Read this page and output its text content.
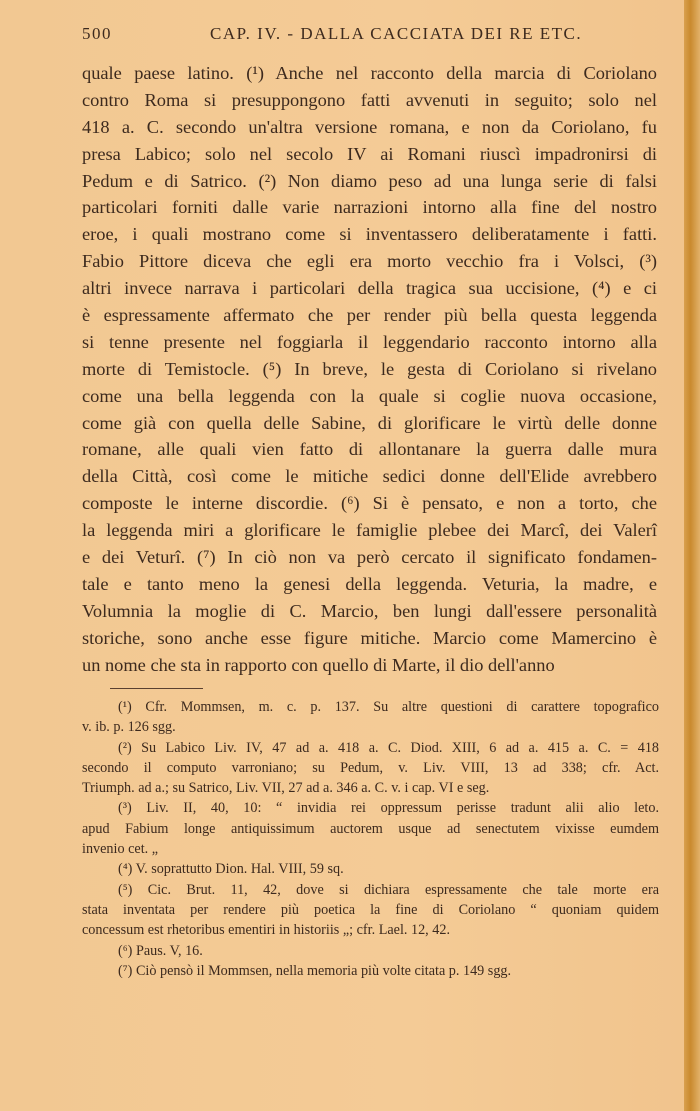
500	CAP. IV. - DALLA CACCIATA DEI RE ETC.
quale paese latino. (¹) Anche nel racconto della marcia di Coriolano
contro Roma si presuppongono fatti avvenuti in seguito; solo nel
418 a. C. secondo un'altra versione romana, e non da Coriolano, fu
presa Labico; solo nel secolo IV ai Romani riuscì impadronirsi di
Pedum e di Satrico. (²) Non diamo peso ad una lunga serie di falsi
particolari forniti dalle varie narrazioni intorno alla fine del nostro
eroe, i quali mostrano come si inventassero deliberatamente i fatti.
Fabio Pittore diceva che egli era morto vecchio fra i Volsci, (³)
altri invece narrava i particolari della tragica sua uccisione, (⁴) e ci
è espressamente affermato che per render più bella questa leggenda
si tenne presente nel foggiarla il leggendario racconto intorno alla
morte di Temistocle. (⁵) In breve, le gesta di Coriolano si rivelano
come una bella leggenda con la quale si coglie nuova occasione,
come già con quella delle Sabine, di glorificare le virtù delle donne
romane, alle quali vien fatto di allontanare la guerra dalle mura
della Città, così come le mitiche sedici donne dell'Elide avrebbero
composte le interne discordie. (⁶) Si è pensato, e non a torto, che
la leggenda miri a glorificare le famiglie plebee dei Marcî, dei Valerî
e dei Veturî. (⁷) In ciò non va però cercato il significato fondamen-
tale e tanto meno la genesi della leggenda. Veturia, la madre, e
Volumnia la moglie di C. Marcio, ben lungi dall'essere personalità
storiche, sono anche esse figure mitiche. Marcio come Mamercino è
un nome che sta in rapporto con quello di Marte, il dio dell'anno
(¹) Cfr. Mommsen, m. c. p. 137. Su altre questioni di carattere topografico
v. ib. p. 126 sgg.
(²) Su Labico Liv. IV, 47 ad a. 418 a. C. Diod. XIII, 6 ad a. 415 a. C. = 418
secondo il computo varroniano; su Pedum, v. Liv. VIII, 13 ad 338; cfr. Act.
Triumph. ad a.; su Satrico, Liv. VII, 27 ad a. 346 a. C. v. i cap. VI e seg.
(³) Liv. II, 40, 10: “ invidia rei oppressum perisse tradunt alii alio leto.
apud Fabium longe antiquissimum auctorem usque ad senectutem vixisse eumdem
invenio cet. „
(⁴) V. soprattutto Dion. Hal. VIII, 59 sq.
(⁵) Cic. Brut. 11, 42, dove si dichiara espressamente che tale morte era
stata inventata per rendere più poetica la fine di Coriolano “ quoniam quidem
concessum est rhetoribus ementiri in historiis „; cfr. Lael. 12, 42.
(⁶) Paus. V, 16.
(⁷) Ciò pensò il Mommsen, nella memoria più volte citata p. 149 sgg.
